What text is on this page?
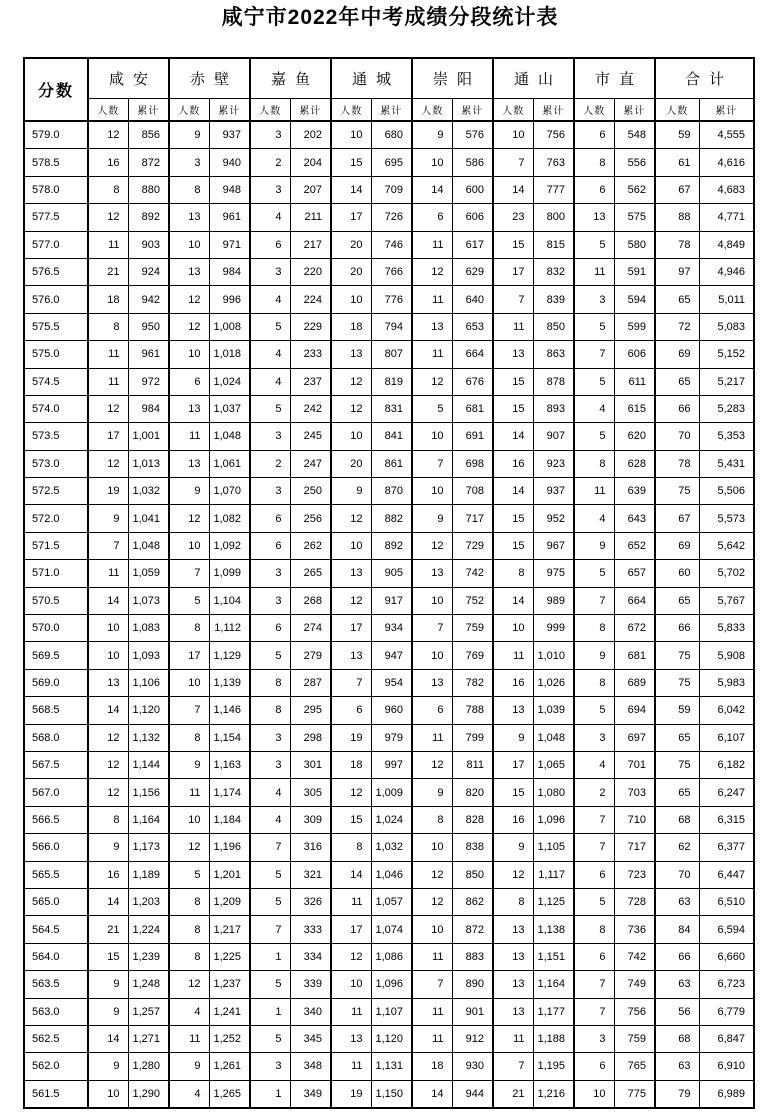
咸宁市2022年中考成绩分段统计表
分数	咸安		赤壁		嘉鱼		通城		崇阳		通山		市直		合计	
	人数	累计	人数	累计	人数	累计	人数	累计	人数	累计	人数	累计	人数	累计	人数	累计
579.0	12	856	9	937	3	202	10	680	9	576	10	756	6	548	59	4,555
578.5	16	872	3	940	2	204	15	695	10	586	7	763	8	556	61	4,616
578.0	8	880	8	948	3	207	14	709	14	600	14	777	6	562	67	4,683
577.5	12	892	13	961	4	211	17	726	6	606	23	800	13	575	88	4,771
577.0	11	903	10	971	6	217	20	746	11	617	15	815	5	580	78	4,849
576.5	21	924	13	984	3	220	20	766	12	629	17	832	11	591	97	4,946
576.0	18	942	12	996	4	224	10	776	11	640	7	839	3	594	65	5,011
575.5	8	950	12	1,008	5	229	18	794	13	653	11	850	5	599	72	5,083
575.0	11	961	10	1,018	4	233	13	807	11	664	13	863	7	606	69	5,152
574.5	11	972	6	1,024	4	237	12	819	12	676	15	878	5	611	65	5,217
574.0	12	984	13	1,037	5	242	12	831	5	681	15	893	4	615	66	5,283
573.5	17	1,001	11	1,048	3	245	10	841	10	691	14	907	5	620	70	5,353
573.0	12	1,013	13	1,061	2	247	20	861	7	698	16	923	8	628	78	5,431
572.5	19	1,032	9	1,070	3	250	9	870	10	708	14	937	11	639	75	5,506
572.0	9	1,041	12	1,082	6	256	12	882	9	717	15	952	4	643	67	5,573
571.5	7	1,048	10	1,092	6	262	10	892	12	729	15	967	9	652	69	5,642
571.0	11	1,059	7	1,099	3	265	13	905	13	742	8	975	5	657	60	5,702
570.5	14	1,073	5	1,104	3	268	12	917	10	752	14	989	7	664	65	5,767
570.0	10	1,083	8	1,112	6	274	17	934	7	759	10	999	8	672	66	5,833
569.5	10	1,093	17	1,129	5	279	13	947	10	769	11	1,010	9	681	75	5,908
569.0	13	1,106	10	1,139	8	287	7	954	13	782	16	1,026	8	689	75	5,983
568.5	14	1,120	7	1,146	8	295	6	960	6	788	13	1,039	5	694	59	6,042
568.0	12	1,132	8	1,154	3	298	19	979	11	799	9	1,048	3	697	65	6,107
567.5	12	1,144	9	1,163	3	301	18	997	12	811	17	1,065	4	701	75	6,182
567.0	12	1,156	11	1,174	4	305	12	1,009	9	820	15	1,080	2	703	65	6,247
566.5	8	1,164	10	1,184	4	309	15	1,024	8	828	16	1,096	7	710	68	6,315
566.0	9	1,173	12	1,196	7	316	8	1,032	10	838	9	1,105	7	717	62	6,377
565.5	16	1,189	5	1,201	5	321	14	1,046	12	850	12	1,117	6	723	70	6,447
565.0	14	1,203	8	1,209	5	326	11	1,057	12	862	8	1,125	5	728	63	6,510
564.5	21	1,224	8	1,217	7	333	17	1,074	10	872	13	1,138	8	736	84	6,594
564.0	15	1,239	8	1,225	1	334	12	1,086	11	883	13	1,151	6	742	66	6,660
563.5	9	1,248	12	1,237	5	339	10	1,096	7	890	13	1,164	7	749	63	6,723
563.0	9	1,257	4	1,241	1	340	11	1,107	11	901	13	1,177	7	756	56	6,779
562.5	14	1,271	11	1,252	5	345	13	1,120	11	912	11	1,188	3	759	68	6,847
562.0	9	1,280	9	1,261	3	348	11	1,131	18	930	7	1,195	6	765	63	6,910
561.5	10	1,290	4	1,265	1	349	19	1,150	14	944	21	1,216	10	775	79	6,989
